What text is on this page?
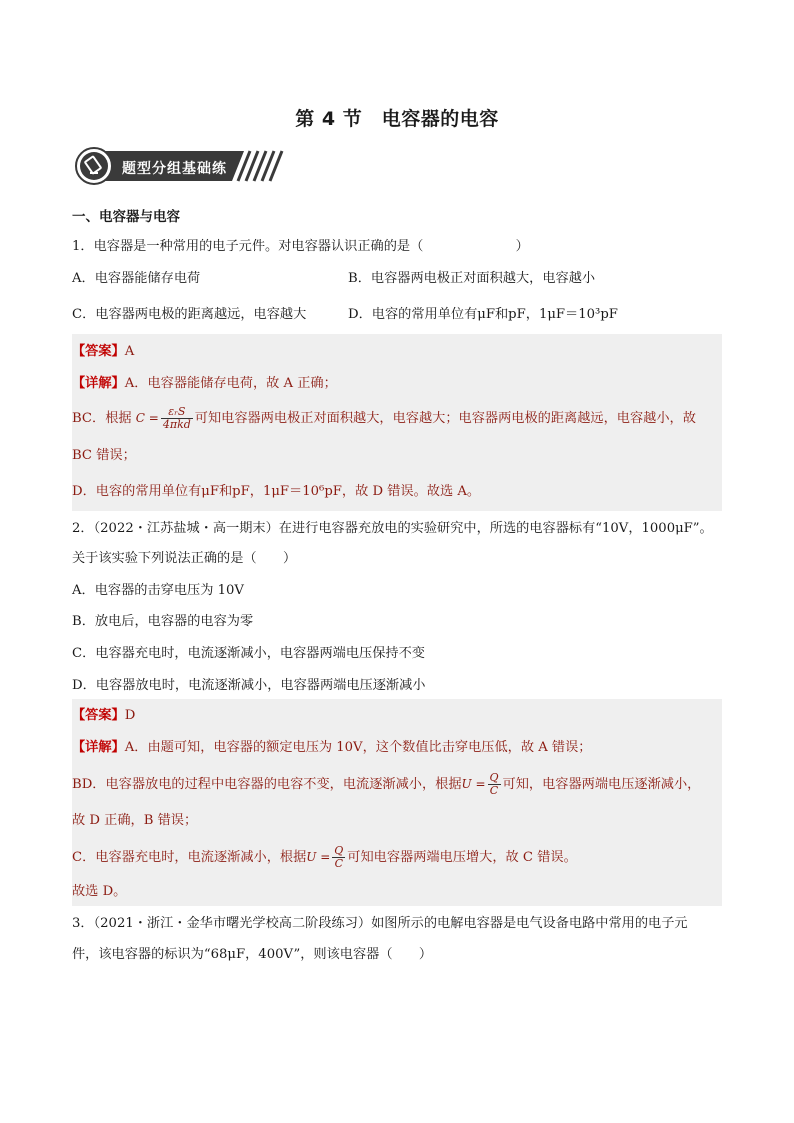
第 4 节　电容器的电容
题型分组基础练
一、电容器与电容
1．电容器是一种常用的电子元件。对电容器认识正确的是（　　　　　　　）
A．电容器能储存电荷	B．电容器两电极正对面积越大，电容越小
C．电容器两电极的距离越远，电容越大	D．电容的常用单位有μF和pF，1μF＝10³pF
【答案】A
【详解】A．电容器能储存电荷，故 A 正确；
BC．根据 $C = \frac{\text{εᵣS}}{\text{4πkd}}$ 可知电容器两电极正对面积越大，电容越大；电容器两电极的距离越远，电容越小，故
BC 错误；
D．电容的常用单位有μF和pF，1μF＝10⁶pF，故 D 错误。故选 A。
2．（2022・江苏盐城・高一期末）在进行电容器充放电的实验研究中，所选的电容器标有“10V，1000μF”。
关于该实验下列说法正确的是（　　）
A．电容器的击穿电压为 10V
B．放电后，电容器的电容为零
C．电容器充电时，电流逐渐减小，电容器两端电压保持不变
D．电容器放电时，电流逐渐减小，电容器两端电压逐渐减小
【答案】D
【详解】A．由题可知，电容器的额定电压为 10V，这个数值比击穿电压低，故 A 错误；
BD．电容器放电的过程中电容器的电容不变，电流逐渐减小，根据$U = \frac{Q}{C}$ 可知，电容器两端电压逐渐减小，
故 D 正确，B 错误；
C．电容器充电时，电流逐渐减小，根据$U = \frac{Q}{C}$ 可知电容器两端电压增大，故 C 错误。
故选 D。
3．（2021・浙江・金华市曙光学校高二阶段练习）如图所示的电解电容器是电气设备电路中常用的电子元
件，该电容器的标识为“68μF，400V”，则该电容器（　　）
